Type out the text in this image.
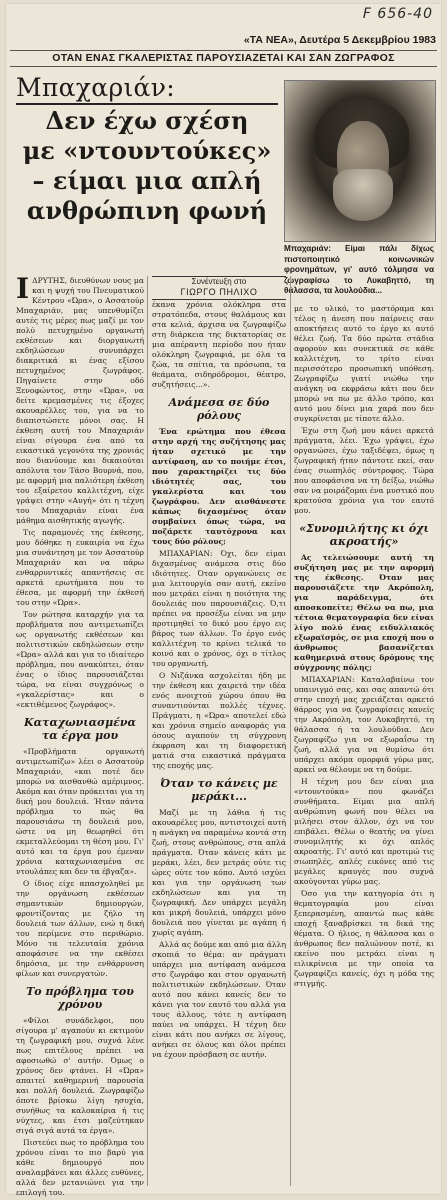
F 656-40
«ΤΑ ΝΕΑ», Δευτέρα 5 Δεκεμβρίου 1983
ΟΤΑΝ ΕΝΑΣ ΓΚΑΛΕΡΙΣΤΑΣ ΠΑΡΟΥΣΙΑΖΕΤΑΙ ΚΑΙ ΣΑΝ ΖΩΓΡΑΦΟΣ
Μπαχαριάν:
Δεν έχω σχέση
με «ντουντούκες»
– είμαι μια απλή
ανθρώπινη φωνή
Μπαχαριάν: Είμαι πάλι δίχως πιστοποιητικό κοινωνικών φρονημάτων, γι' αυτό τόλμησα να ζωγραφίσω το Λυκαβηττό, τη θάλασσα, τα λουλούδια...

ΙΔΡΥΤΗΣ, διευθύνων νους μα και η ψυχή του Πνευματικού Κέντρου «Ώρα», ο Ασσατούρ Μπαχαριάν, μας υπενθυμίζει αυτές τις μέρες πως μαζί με τον πολύ πετυχημένο οργανωτή εκθέσεων και διοργανωτή εκδηλώσεων συνυπάρχει διακριτικά κι ένας εξίσου πετυχημένος ζωγράφος. Πηγαίνετε στην οδό Ξενοφώντος, στην «Ώρα», να δείτε κρεμασμένες τις έξοχες ακουαρέλλες του, για να το διαπιστώσετε μόνοι σας. Η έκθεση αυτή του Μπαχαριάν είναι σίγουρα ένα από τα εικαστικά γεγονότα της χρονιάς που διανύουμε και δικαιούται απόλυτα τον Τάσο Βουρνά, που, με αφορμή μια παλιότερη έκθεση του εξαίρετου καλλιτέχνη, είχε γράψει στην «Αυγή» ότι η τέχνη του Μπαχαριάν είναι ένα μάθημα αισθητικής αγωγής.

Τις παραμονές της έκθεσης, μου δόθηκε η ευκαιρία να έχω μια συνάντηση με τον Ασσατούρ Μπαχαριάν και να πάρω ενθαρρυντικές απαντήσεις σε αρκετά ερωτήματα που το έθεσα, με αφορμή την έκθεσή του στην «Ώρα».

Τον ρώτησα καταρχήν για τα προβλήματα που αντιμετωπίζει ως οργανωτής εκθέσεων και πολιτιστικών εκδηλώσεων στην «Ώρα» αλλά και για το ιδιαίτερο πρόβλημα, που ανακύπτει, όταν ένας ο ίδιος παρουσιάζεται τώρα, να είναι συγχρόνως ο «γκαλερίστας» και ο «εκτιθέμενος ζωγράφος».

Καταχωνιασμένα τα έργα μου

«Προβλήματα οργανωτή αντιμετωπίζω» λέει ο Ασσατούρ Μπαχαριάν, «και ποτέ δεν μπορώ να αισθανθώ αμέριμνος. Ακόμα και όταν πρόκειται για τη δική μου δουλειά. Ήταν πάντα πρόβλημα το πώς θα παρουσιάσω τη δουλειά μου, ώστε να μη θεωρηθεί ότι εκμεταλλεύομαι τη θέση μου. Γι' αυτό και τα έργα μου έμεναν χρόνια καταχωνιασμένα σε ντουλάπες και δεν τα έβγαζα».

Ο ίδιος είχε απασχοληθεί με την οργάνωση εκθέσεων σημαντικών δημιουργών, φροντίζοντας με ζήλο τη δουλειά των άλλων, ενώ η δική του περίμενε στο περιθώριο. Μόνο τα τελευταία χρόνια αποφάσισε να την εκθέσει δημόσια, με την ενθάρρυνση φίλων και συνεργατών.

Το πρόβλημα του χρόνου

«Φίλοι συνάδελφοι, που σίγουρα μ' αγαπούν κι εκτιμούν τη ζωγραφική μου, συχνά λένε πως επιτέλους πρέπει να αφοσιωθώ σ' αυτήν. Όμως ο χρόνος δεν φτάνει. Η «Ώρα» απαιτεί καθημερινή παρουσία και πολλή δουλειά. Ζωγραφίζω όποτε βρίσκω λίγη ησυχία, συνήθως τα καλοκαίρια ή τις νύχτες, και έτσι μαζεύτηκαν σιγά σιγά αυτά τα έργα».

Πιστεύει πως το πρόβλημα του χρόνου είναι το πιο βαρύ για κάθε δημιουργό που αναλαμβάνει και άλλες ευθύνες, αλλά δεν μετανιώνει για την επιλογή του.

Συνέντευξη στο
ΓΙΩΡΓΟ ΠΗΛΙΧΟ

έκανα χρόνια ολόκληρα στα στρατόπεδα, στους θαλάμους και στα κελιά, άρχισα να ζωγραφίζω στη διάρκεια της δικτατορίας σε μια απέραντη περίοδο που ήταν ολόκληρη ζωγραφιά, με όλα τα ζώα, τα σπίτια, τα πρόσωπα, τα θεάματα, σιδηρόδρομοι, θέατρο, συζητήσεις...».

Ανάμεσα σε δύο ρόλους

Ένα ερώτημα που έθεσα στην αρχή της συζήτησης μας ήταν σχετικό με την αντίφαση, αν το ποιήμε έτσι, που χαρακτηρίζει τις δύο ιδιότητές σας, του γκαλερίστα και του ζωγράφου. Δεν αισθάνεστε κάπως διχασμένος όταν συμβαίνει όπως τώρα, να ποζάρετε ταυτόχρονα και τους δύο ρόλους;

ΜΠΑΧΑΡΙΑΝ: Όχι, δεν είμαι διχασμένος ανάμεσα στις δύο ιδιότητες. Όταν οργανώνεις σε μια λειτουργία σαν αυτή, εκείνο που μετράει είναι η ποιότητα της δουλειάς που παρουσιάζεις. Ό,τι πρέπει να προσέξω είναι να μην προτιμηθεί το δικό μου έργο εις βάρος των άλλων. Το έργο ενός καλλιτέχνη το κρίνει τελικά το κοινό και ο χρόνος, όχι ο τίτλος του οργανωτή.

Ο Νιζάνκα ασχολείται ήδη με την έκθεση και χαιρετά την ιδέα ενός ανοιχτού χώρου όπου θα συναντιούνται πολλές τέχνες. Πράγματι, η «Ώρα» αποτελεί εδώ και χρόνια σημείο αναφοράς για όσους αγαπούν τη σύγχρονη έκφραση και τη διαφορετική ματιά στα εικαστικά πράγματα της εποχής μας.

Όταν το κάνεις με μεράκι...

Μαζί με τη λάθια ή τις ακουαρέλες μου, αντιστοιχεί αυτή η ανάγκη να παραμένω κοντά στη ζωή, στους ανθρώπους, στα απλά πράγματα. Όταν κάνεις κάτι με μεράκι, λέει, δεν μετράς ούτε τις ώρες ούτε τον κόπο. Αυτό ισχύει και για την οργάνωση των εκδηλώσεων και για τη ζωγραφική. Δεν υπάρχει μεγάλη και μικρή δουλειά, υπάρχει μόνο δουλειά που γίνεται με αγάπη ή χωρίς αγάπη.

Αλλά ας δούμε και από μια άλλη σκοπιά το θέμα: αν πράγματι υπάρχει μια αντίφαση ανάμεσα στο ζωγράφο και στον οργανωτή πολιτιστικών εκδηλώσεων. Όταν αυτό που κάνει κανείς δεν το κάνει για τον εαυτό του αλλά για τους άλλους, τότε η αντίφαση παύει να υπάρχει. Η τέχνη δεν είναι κάτι που ανήκει σε λίγους, ανήκει σε όλους και όλοι πρέπει να έχουν πρόσβαση σε αυτήν.

με το υλικό, το μαστόραμα και τέλος η άνεση που παίρνεις σαν αποκτήσεις αυτό το έργο κι αυτό θέλει ζωή. Τα δύο πρώτα στάδια αφορούν και συνεκτικά σε κάθε καλλιτέχνη, το τρίτο είναι περισσότερο προσωπική υπόθεση. Ζωγραφίζω γιατί νιώθω την ανάγκη να εκφράσω κάτι που δεν μπορώ να πω με άλλο τρόπο, και αυτό μου δίνει μια χαρά που δεν συγκρίνεται με τίποτε άλλο.

Έχω στη ζωή μου κάνει αρκετά πράγματα, λέει. Έχω γράψει, έχω οργανώσει, έχω ταξιδέψει, όμως η ζωγραφική ήταν πάντοτε εκεί, σαν ένας σιωπηλός σύντροφος. Τώρα που αποφάσισα να τη δείξω, νιώθω σαν να μοιράζομαι ένα μυστικό που κρατούσα χρόνια για τον εαυτό μου.

«Συνομιλήτης κι όχι ακροατής»

Ας τελειώσουμε αυτή τη συζήτηση μας με την αφορμή της έκθεσης. Όταν μας παρουσιάζετε την Ακρόπολη, για παράδειγμα, ότι αποσκοπείτε; Θέλω να πω, μια τέτοια θεματογραφία δεν είναι λίγο πολύ ένας ειδυλλιακός εξωραϊσμός, σε μια εποχή που ο άνθρωπος βασανίζεται καθημερινά στους δρόμους της σύγχρονης πόλης;

ΜΠΑΧΑΡΙΑΝ: Καταλαβαίνω τον υπαινιγμό σας, και σας απαντώ ότι στην εποχή μας χρειάζεται αρκετό θάρρος για να ζωγραφίσεις κανείς την Ακρόπολη, τον Λυκαβηττό, τη θάλασσα ή τα λουλούδια. Δεν ζωγραφίζω για να εξωραΐσω τη ζωή, αλλά για να θυμίσω ότι υπάρχει ακόμα ομορφιά γύρω μας, αρκεί να θέλουμε να τη δούμε.

Η τέχνη μου δεν είναι μια «ντουντούκα» που φωνάζει συνθήματα. Είμαι μια απλή ανθρώπινη φωνή που θέλει να μιλήσει στον άλλον, όχι να τον επιβάλει. Θέλω ο θεατής να γίνει συνομιλητής κι όχι απλός ακροατής. Γι' αυτό και προτιμώ τις σιωπηλές, απλές εικόνες από τις μεγάλες κραυγές που συχνά ακούγονται γύρω μας.

Όσο για την κατηγορία ότι η θεματογραφία μου είναι ξεπερασμένη, απαντώ πως κάθε εποχή ξαναβρίσκει τα δικά της θέματα. Ο ήλιος, η θάλασσα και ο άνθρωπος δεν παλιώνουν ποτέ, κι εκείνο που μετράει είναι η ειλικρίνεια με την οποία τα ζωγραφίζει κανείς, όχι η μόδα της στιγμής.
